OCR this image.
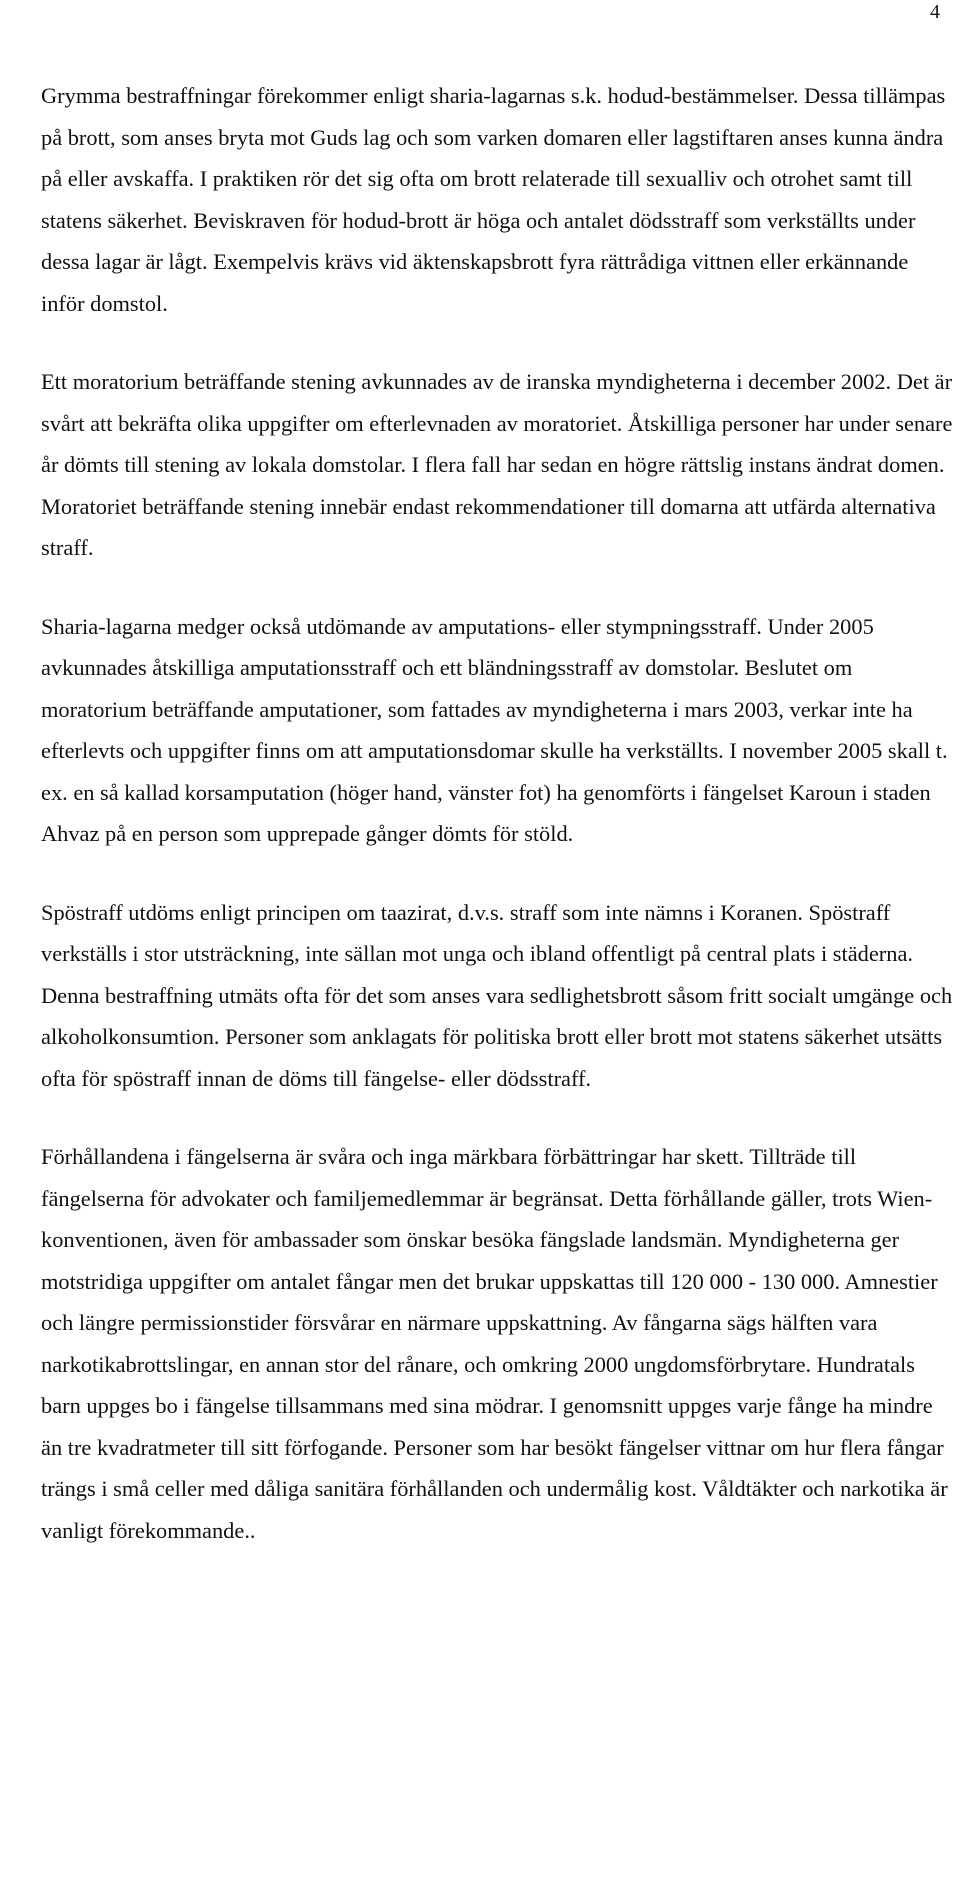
4

Grymma bestraffningar förekommer enligt sharia-lagarnas s.k. hodud-bestämmelser. Dessa tillämpas på brott, som anses bryta mot Guds lag och som varken domaren eller lagstiftaren anses kunna ändra på eller avskaffa. I praktiken rör det sig ofta om brott relaterade till sexualliv och otrohet samt till statens säkerhet. Beviskraven för hodud-brott är höga och antalet dödsstraff som verkställts under dessa lagar är lågt. Exempelvis krävs vid äktenskapsbrott fyra rättrådiga vittnen eller erkännande inför domstol.

Ett moratorium beträffande stening avkunnades av de iranska myndigheterna i december 2002. Det är svårt att bekräfta olika uppgifter om efterlevnaden av moratoriet. Åtskilliga personer har under senare år dömts till stening av lokala domstolar. I flera fall har sedan en högre rättslig instans ändrat domen. Moratoriet beträffande stening innebär endast rekommendationer till domarna att utfärda alternativa straff.

Sharia-lagarna medger också utdömande av amputations- eller stympningsstraff. Under 2005 avkunnades åtskilliga amputationsstraff och ett bländningsstraff av domstolar. Beslutet om moratorium beträffande amputationer, som fattades av myndigheterna i mars 2003, verkar inte ha efterlevts och uppgifter finns om att amputationsdomar skulle ha verkställts. I november 2005 skall t. ex. en så kallad korsamputation (höger hand, vänster fot) ha genomförts i fängelset Karoun i staden Ahvaz på en person som upprepade gånger dömts för stöld.

Spöstraff utdöms enligt principen om taazirat, d.v.s. straff som inte nämns i Koranen. Spöstraff verkställs i stor utsträckning, inte sällan mot unga och ibland offentligt på central plats i städerna. Denna bestraffning utmäts ofta för det som anses vara sedlighetsbrott såsom fritt socialt umgänge och alkoholkonsumtion. Personer som anklagats för politiska brott eller brott mot statens säkerhet utsätts ofta för spöstraff innan de döms till fängelse- eller dödsstraff.

Förhållandena i fängelserna är svåra och inga märkbara förbättringar har skett. Tillträde till fängelserna för advokater och familjemedlemmar är begränsat. Detta förhållande gäller, trots Wien-konventionen, även för ambassader som önskar besöka fängslade landsmän. Myndigheterna ger motstridiga uppgifter om antalet fångar men det brukar uppskattas till 120 000 - 130 000. Amnestier och längre permissionstider försvårar en närmare uppskattning. Av fångarna sägs hälften vara narkotikabrottslingar, en annan stor del rånare, och omkring 2000 ungdomsförbrytare. Hundratals barn uppges bo i fängelse tillsammans med sina mödrar. I genomsnitt uppges varje fånge ha mindre än tre kvadratmeter till sitt förfogande. Personer som har besökt fängelser vittnar om hur flera fångar trängs i små celler med dåliga sanitära förhållanden och undermålig kost. Våldtäkter och narkotika är vanligt förekommande..
